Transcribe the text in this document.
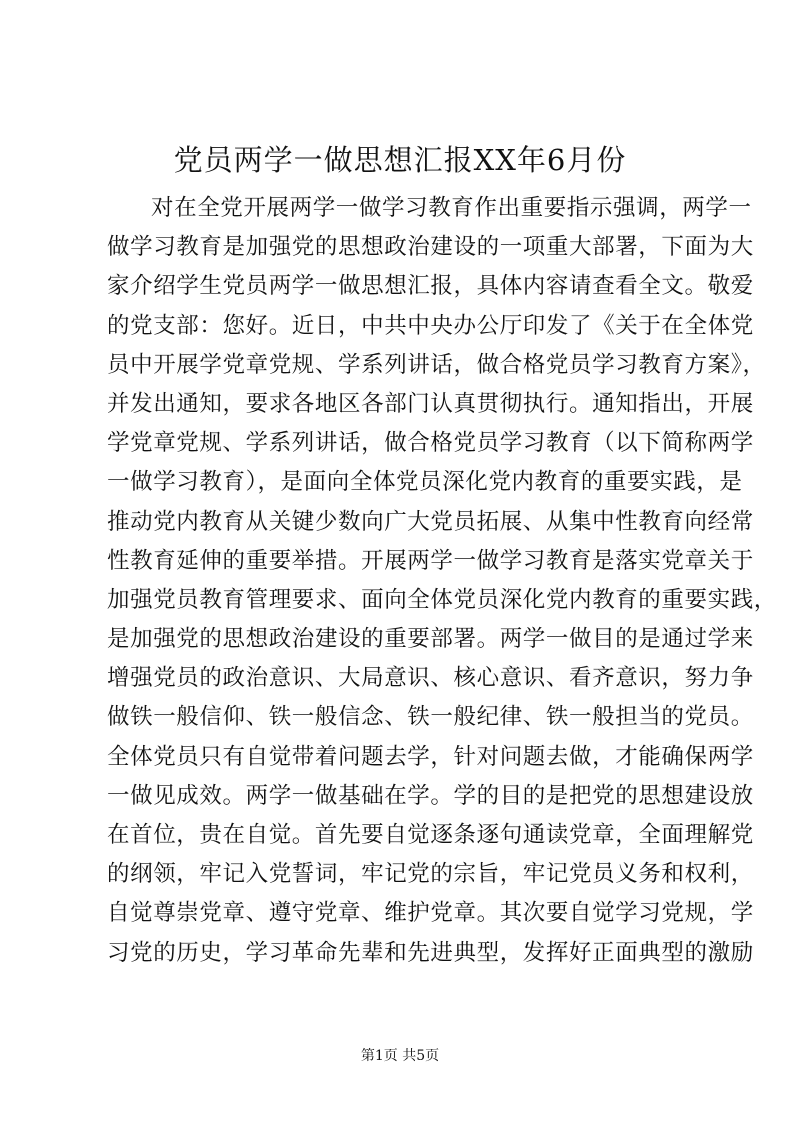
党员两学一做思想汇报XX年6月份
对在全党开展两学一做学习教育作出重要指示强调，两学一
做学习教育是加强党的思想政治建设的一项重大部署，下面为大
家介绍学生党员两学一做思想汇报，具体内容请查看全文。敬爱
的党支部：您好。近日，中共中央办公厅印发了《关于在全体党
员中开展学党章党规、学系列讲话，做合格党员学习教育方案》，
并发出通知，要求各地区各部门认真贯彻执行。通知指出，开展
学党章党规、学系列讲话，做合格党员学习教育（以下简称两学
一做学习教育），是面向全体党员深化党内教育的重要实践，是
推动党内教育从关键少数向广大党员拓展、从集中性教育向经常
性教育延伸的重要举措。开展两学一做学习教育是落实党章关于
加强党员教育管理要求、面向全体党员深化党内教育的重要实践，
是加强党的思想政治建设的重要部署。两学一做目的是通过学来
增强党员的政治意识、大局意识、核心意识、看齐意识，努力争
做铁一般信仰、铁一般信念、铁一般纪律、铁一般担当的党员。
全体党员只有自觉带着问题去学，针对问题去做，才能确保两学
一做见成效。两学一做基础在学。学的目的是把党的思想建设放
在首位，贵在自觉。首先要自觉逐条逐句通读党章，全面理解党
的纲领，牢记入党誓词，牢记党的宗旨，牢记党员义务和权利，
自觉尊崇党章、遵守党章、维护党章。其次要自觉学习党规，学
习党的历史，学习革命先辈和先进典型，发挥好正面典型的激励
第1页 共5页
